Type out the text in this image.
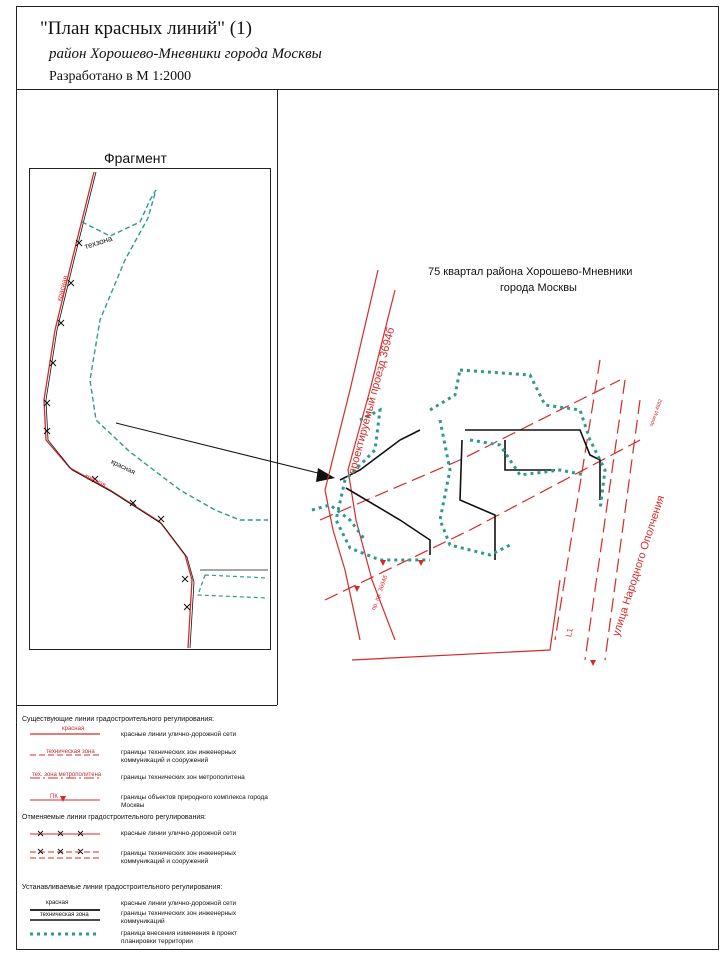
"План красных линий" (1)
район Хорошево-Мневники города Москвы
Разработано в М 1:2000
Фрагмент
техзона
красная
красная
красная
75 квартал района Хорошево-Мневники
города Москвы
проектируемый проезд 3694б
улица Народного Ополчения
пр. пр. 3694б
проезд 4882
L1
Существующие линии градостроительного регулирования:
красная
красные линии улично-дорожной сети
техническая зона	границы технических зон инженерных коммуникаций и сооружений
тех. зона метрополитена	границы технических зон метрополитена
ПК	границы объектов природного комплекса города Москвы
Отменяемые линии градостроительного регулирования:
красные линии улично-дорожной сети
границы технических зон инженерных коммуникаций и сооружений
Устанавливаемые линии градостроительного регулирования:
красная	красные линии улично-дорожной сети
техническая зона	границы технических зон инженерных коммуникаций
граница внесения изменения в проект планировки территории
